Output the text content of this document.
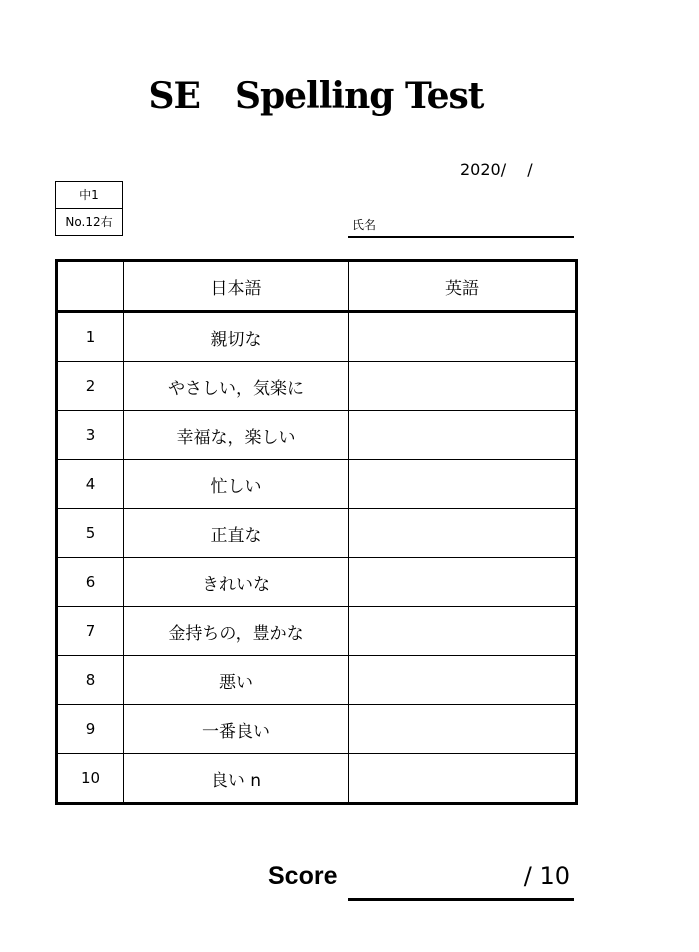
SE　Spelling Test
2020/　 /
中1
No.12右	氏名
	日本語	英語
1	親切な	
2	やさしい，気楽に	
3	幸福な，楽しい	
4	忙しい	
5	正直な	
6	きれいな	
7	金持ちの，豊かな	
8	悪い	
9	一番良い	
10	良い n	
Score	/ 10
